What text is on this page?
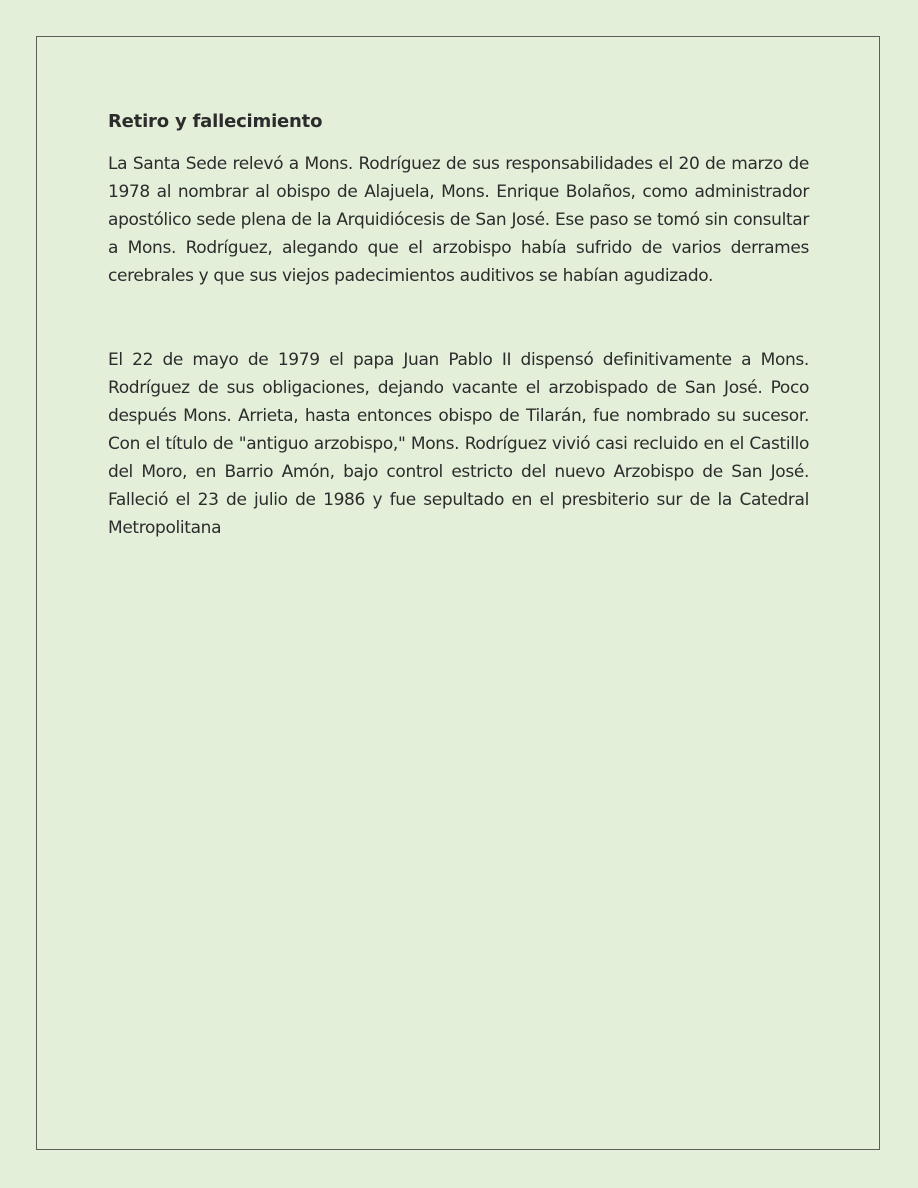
Retiro y fallecimiento

La Santa Sede relevó a Mons. Rodríguez de sus responsabilidades el 20 de marzo de 1978 al nombrar al obispo de Alajuela, Mons. Enrique Bolaños, como administrador apostólico sede plena de la Arquidiócesis de San José. Ese paso se tomó sin consultar a Mons. Rodríguez, alegando que el arzobispo había sufrido de varios derrames cerebrales y que sus viejos padecimientos auditivos se habían agudizado.

El 22 de mayo de 1979 el papa Juan Pablo II dispensó definitivamente a Mons. Rodríguez de sus obligaciones, dejando vacante el arzobispado de San José. Poco después Mons. Arrieta, hasta entonces obispo de Tilarán, fue nombrado su sucesor. Con el título de "antiguo arzobispo," Mons. Rodríguez vivió casi recluido en el Castillo del Moro, en Barrio Amón, bajo control estricto del nuevo Arzobispo de San José. Falleció el 23 de julio de 1986 y fue sepultado en el presbiterio sur de la Catedral Metropolitana
